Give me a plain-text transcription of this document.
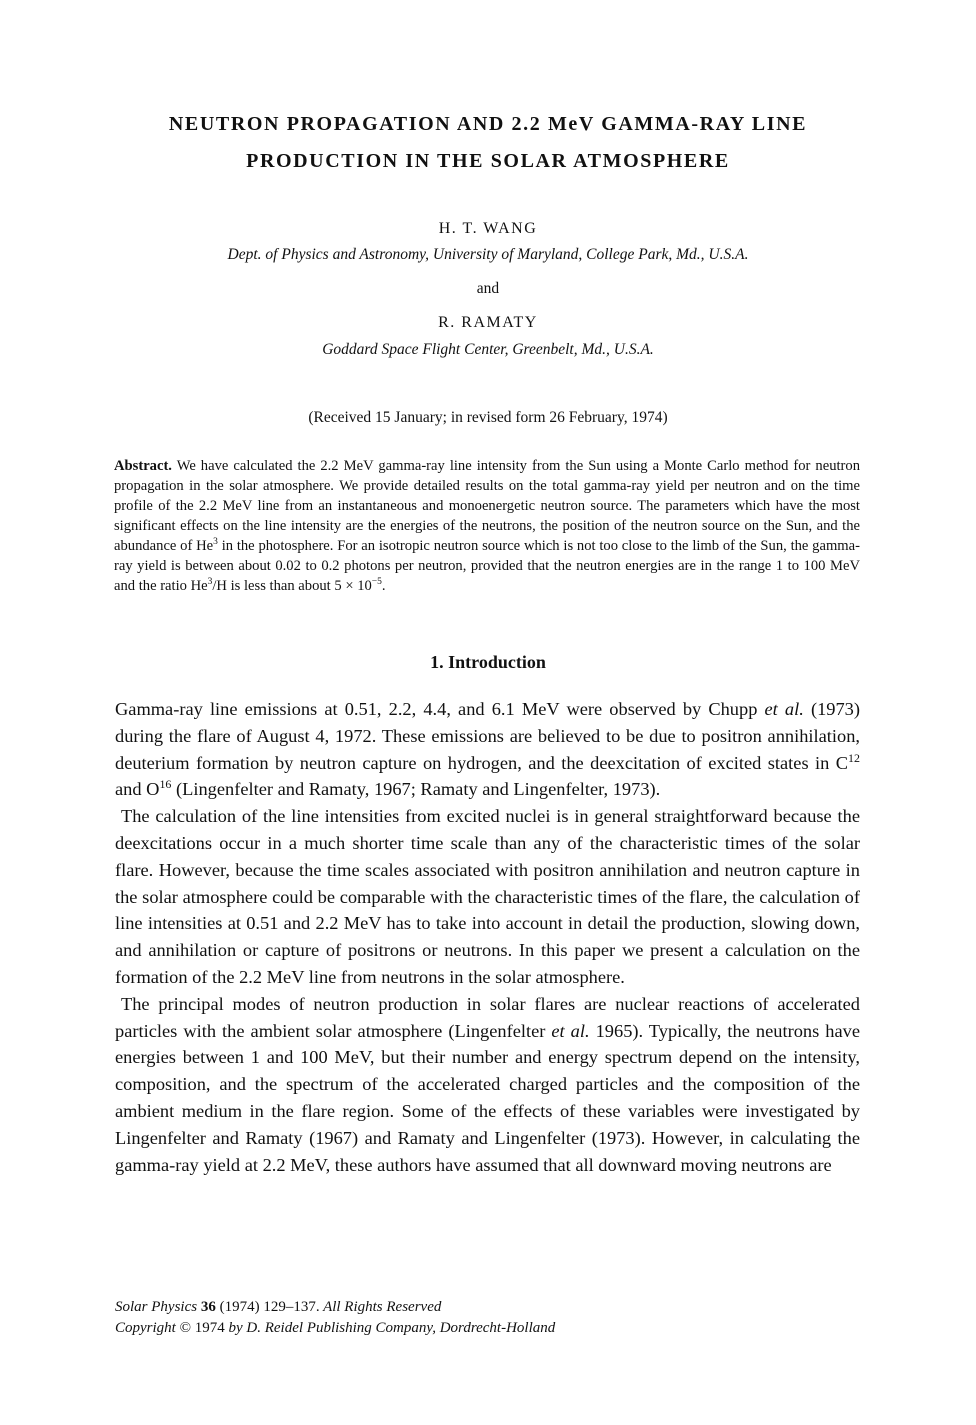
NEUTRON PROPAGATION AND 2.2 MeV GAMMA-RAY LINE
PRODUCTION IN THE SOLAR ATMOSPHERE
H. T. WANG
Dept. of Physics and Astronomy, University of Maryland, College Park, Md., U.S.A.
and
R. RAMATY
Goddard Space Flight Center, Greenbelt, Md., U.S.A.
(Received 15 January; in revised form 26 February, 1974)
Abstract. We have calculated the 2.2 MeV gamma-ray line intensity from the Sun using a Monte Carlo method for neutron propagation in the solar atmosphere. We provide detailed results on the total gamma-ray yield per neutron and on the time profile of the 2.2 MeV line from an instantaneous and monoenergetic neutron source. The parameters which have the most significant effects on the line intensity are the energies of the neutrons, the position of the neutron source on the Sun, and the abundance of He$^3$ in the photosphere. For an isotropic neutron source which is not too close to the limb of the Sun, the gamma-ray yield is between about 0.02 to 0.2 photons per neutron, provided that the neutron energies are in the range 1 to 100 MeV and the ratio He$^3$/H is less than about $5 \times 10^{-5}$.
1. Introduction

Gamma-ray line emissions at 0.51, 2.2, 4.4, and 6.1 MeV were observed by Chupp et al. (1973) during the flare of August 4, 1972. These emissions are believed to be due to positron annihilation, deuterium formation by neutron capture on hydrogen, and the deexcitation of excited states in $C^{12}$ and $O^{16}$ (Lingenfelter and Ramaty, 1967; Ramaty and Lingenfelter, 1973).

The calculation of the line intensities from excited nuclei is in general straightforward because the deexcitations occur in a much shorter time scale than any of the characteristic times of the solar flare. However, because the time scales associated with positron annihilation and neutron capture in the solar atmosphere could be comparable with the characteristic times of the flare, the calculation of line intensities at 0.51 and 2.2 MeV has to take into account in detail the production, slowing down, and annihilation or capture of positrons or neutrons. In this paper we present a calculation on the formation of the 2.2 MeV line from neutrons in the solar atmosphere.

The principal modes of neutron production in solar flares are nuclear reactions of accelerated particles with the ambient solar atmosphere (Lingenfelter et al. 1965). Typically, the neutrons have energies between 1 and 100 MeV, but their number and energy spectrum depend on the intensity, composition, and the spectrum of the accelerated charged particles and the composition of the ambient medium in the flare region. Some of the effects of these variables were investigated by Lingenfelter and Ramaty (1967) and Ramaty and Lingenfelter (1973). However, in calculating the gamma-ray yield at 2.2 MeV, these authors have assumed that all downward moving neutrons are

Solar Physics 36 (1974) 129–137. All Rights Reserved
Copyright © 1974 by D. Reidel Publishing Company, Dordrecht-Holland
